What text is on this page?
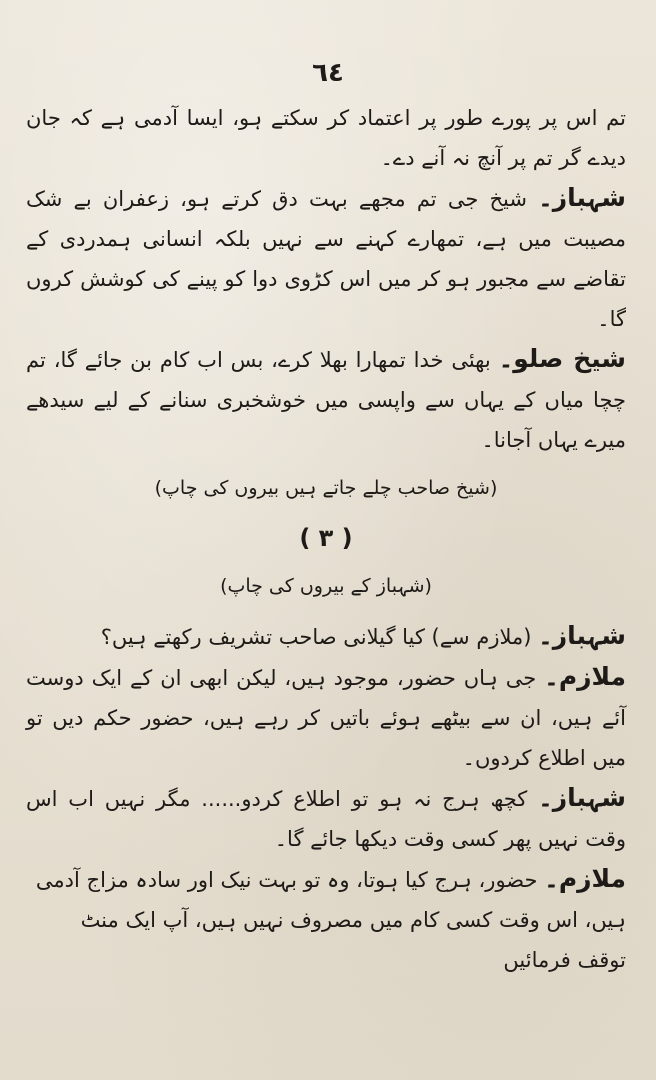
٦٤

تم اس پر پورے طور پر اعتماد کر سکتے ہو، ایسا آدمی ہے کہ جان دیدے گر تم پر آنچ نہ آنے دے۔

شہباز۔ شیخ جی تم مجھے بہت دق کرتے ہو، زعفران بے شک مصیبت میں ہے، تمھارے کہنے سے نہیں بلکہ انسانی ہمدردی کے تقاضے سے مجبور ہو کر میں اس کڑوی دوا کو پینے کی کوشش کروں گا۔

شیخ صلو۔ بھئی خدا تمھارا بھلا کرے، بس اب کام بن جائے گا، تم چچا میاں کے یہاں سے واپسی میں خوشخبری سنانے کے لیے سیدھے میرے یہاں آجانا۔

(شیخ صاحب چلے جاتے ہیں بیروں کی چاپ)

( ۳ )

(شہباز کے بیروں کی چاپ)

شہباز۔ (ملازم سے) کیا گیلانی صاحب تشریف رکھتے ہیں؟

ملازم۔ جی ہاں حضور، موجود ہیں، لیکن ابھی ان کے ایک دوست آئے ہیں، ان سے بیٹھے ہوئے باتیں کر رہے ہیں، حضور حکم دیں تو میں اطلاع کردوں۔

شہباز۔ کچھ ہرج نہ ہو تو اطلاع کردو...... مگر نہیں اب اس وقت نہیں پھر کسی وقت دیکھا جائے گا۔

ملازم۔ حضور، ہرج کیا ہوتا، وہ تو بہت نیک اور سادہ مزاج آدمی ہیں، اس وقت کسی کام میں مصروف نہیں ہیں، آپ ایک منٹ توقف فرمائیں
